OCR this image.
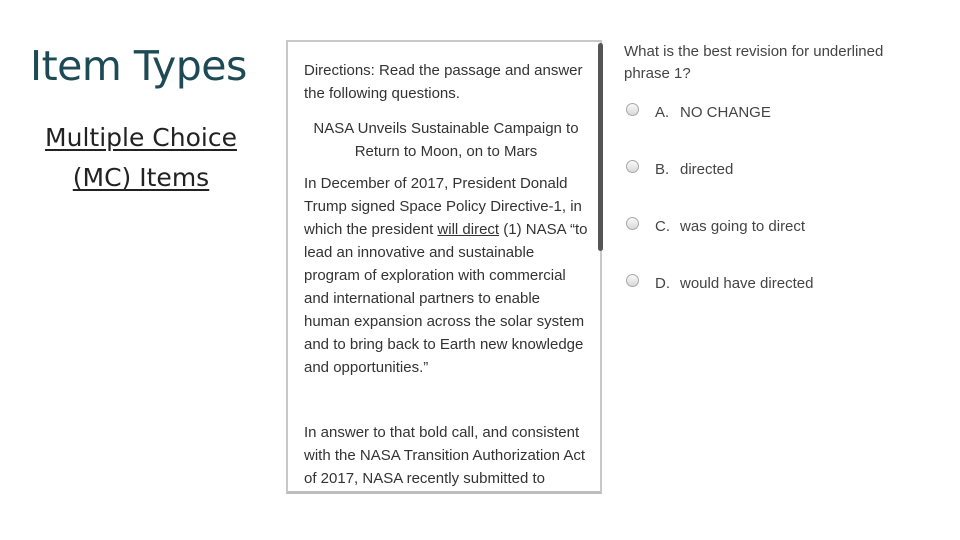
Item Types
Multiple Choice
(MC) Items

Directions: Read the passage and answer the following questions.

NASA Unveils Sustainable Campaign to Return to Moon, on to Mars

In December of 2017, President Donald Trump signed Space Policy Directive-1, in which the president will direct (1) NASA “to lead an innovative and sustainable program of exploration with commercial and international partners to enable human expansion across the solar system and to bring back to Earth new knowledge and opportunities.”

In answer to that bold call, and consistent with the NASA Transition Authorization Act of 2017, NASA recently submitted to

What is the best revision for underlined phrase 1?
A. NO CHANGE
B. directed
C. was going to direct
D. would have directed
